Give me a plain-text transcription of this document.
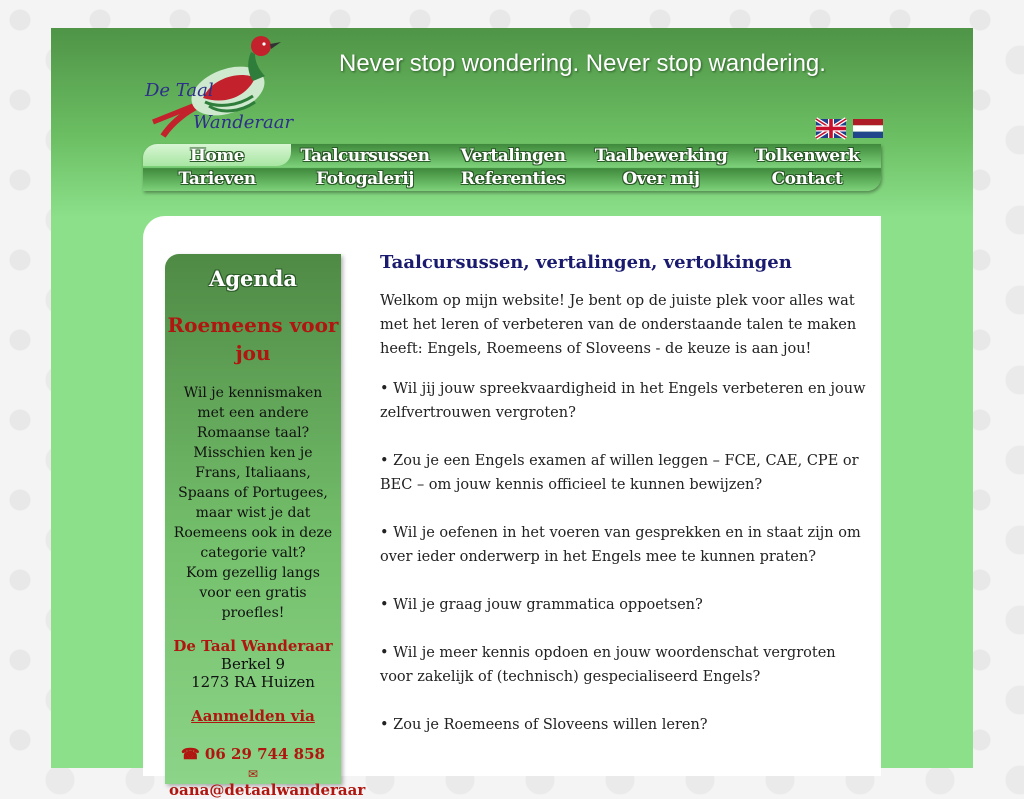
De Taal
Wanderaar
Never stop wondering. Never stop wandering.

Home	Taalcursussen	Vertalingen	Taalbewerking	Tolkenwerk
Tarieven	Fotogalerij	Referenties	Over mij	Contact
Agenda
Roemeens voor jou
Wil je kennismaken met een andere Romaanse taal?
Misschien ken je Frans, Italiaans, Spaans of Portugees, maar wist je dat Roemeens ook in deze categorie valt?
Kom gezellig langs voor een gratis proefles!
De Taal Wanderaar
Berkel 9
1273 RA Huizen
Aanmelden via
☎ 06 29 744 858
✉
oana@detaalwanderaar
Taalcursussen, vertalingen, vertolkingen

Welkom op mijn website! Je bent op de juiste plek voor alles wat met het leren of verbeteren van de onderstaande talen te maken heeft: Engels, Roemeens of Sloveens - de keuze is aan jou!

• Wil jij jouw spreekvaardigheid in het Engels verbeteren en jouw zelfvertrouwen vergroten?

• Zou je een Engels examen af willen leggen – FCE, CAE, CPE or BEC – om jouw kennis officieel te kunnen bewijzen?

• Wil je oefenen in het voeren van gesprekken en in staat zijn om over ieder onderwerp in het Engels mee te kunnen praten?

• Wil je graag jouw grammatica oppoetsen?

• Wil je meer kennis opdoen en jouw woordenschat vergroten voor zakelijk of (technisch) gespecialiseerd Engels?

• Zou je Roemeens of Sloveens willen leren?
